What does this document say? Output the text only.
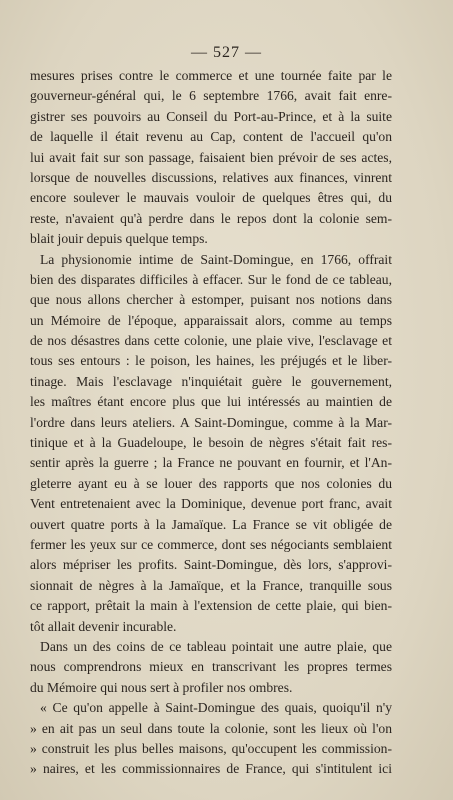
— 527 —
mesures prises contre le commerce et une tournée faite par le
gouverneur-général qui, le 6 septembre 1766, avait fait enre-
gistrer ses pouvoirs au Conseil du Port-au-Prince, et à la suite
de laquelle il était revenu au Cap, content de l'accueil qu'on
lui avait fait sur son passage, faisaient bien prévoir de ses actes,
lorsque de nouvelles discussions, relatives aux finances, vinrent
encore soulever le mauvais vouloir de quelques êtres qui, du
reste, n'avaient qu'à perdre dans le repos dont la colonie sem-
blait jouir depuis quelque temps.
La physionomie intime de Saint-Domingue, en 1766, offrait
bien des disparates difficiles à effacer. Sur le fond de ce tableau,
que nous allons chercher à estomper, puisant nos notions dans
un Mémoire de l'époque, apparaissait alors, comme au temps
de nos désastres dans cette colonie, une plaie vive, l'esclavage et
tous ses entours : le poison, les haines, les préjugés et le liber-
tinage. Mais l'esclavage n'inquiétait guère le gouvernement,
les maîtres étant encore plus que lui intéressés au maintien de
l'ordre dans leurs ateliers. A Saint-Domingue, comme à la Mar-
tinique et à la Guadeloupe, le besoin de nègres s'était fait res-
sentir après la guerre ; la France ne pouvant en fournir, et l'An-
gleterre ayant eu à se louer des rapports que nos colonies du
Vent entretenaient avec la Dominique, devenue port franc, avait
ouvert quatre ports à la Jamaïque. La France se vit obligée de
fermer les yeux sur ce commerce, dont ses négociants semblaient
alors mépriser les profits. Saint-Domingue, dès lors, s'approvi-
sionnait de nègres à la Jamaïque, et la France, tranquille sous
ce rapport, prêtait la main à l'extension de cette plaie, qui bien-
tôt allait devenir incurable.
Dans un des coins de ce tableau pointait une autre plaie, que
nous comprendrons mieux en transcrivant les propres termes
du Mémoire qui nous sert à profiler nos ombres.
« Ce qu'on appelle à Saint-Domingue des quais, quoiqu'il n'y
» en ait pas un seul dans toute la colonie, sont les lieux où l'on
» construit les plus belles maisons, qu'occupent les commission-
» naires, et les commissionnaires de France, qui s'intitulent ici
